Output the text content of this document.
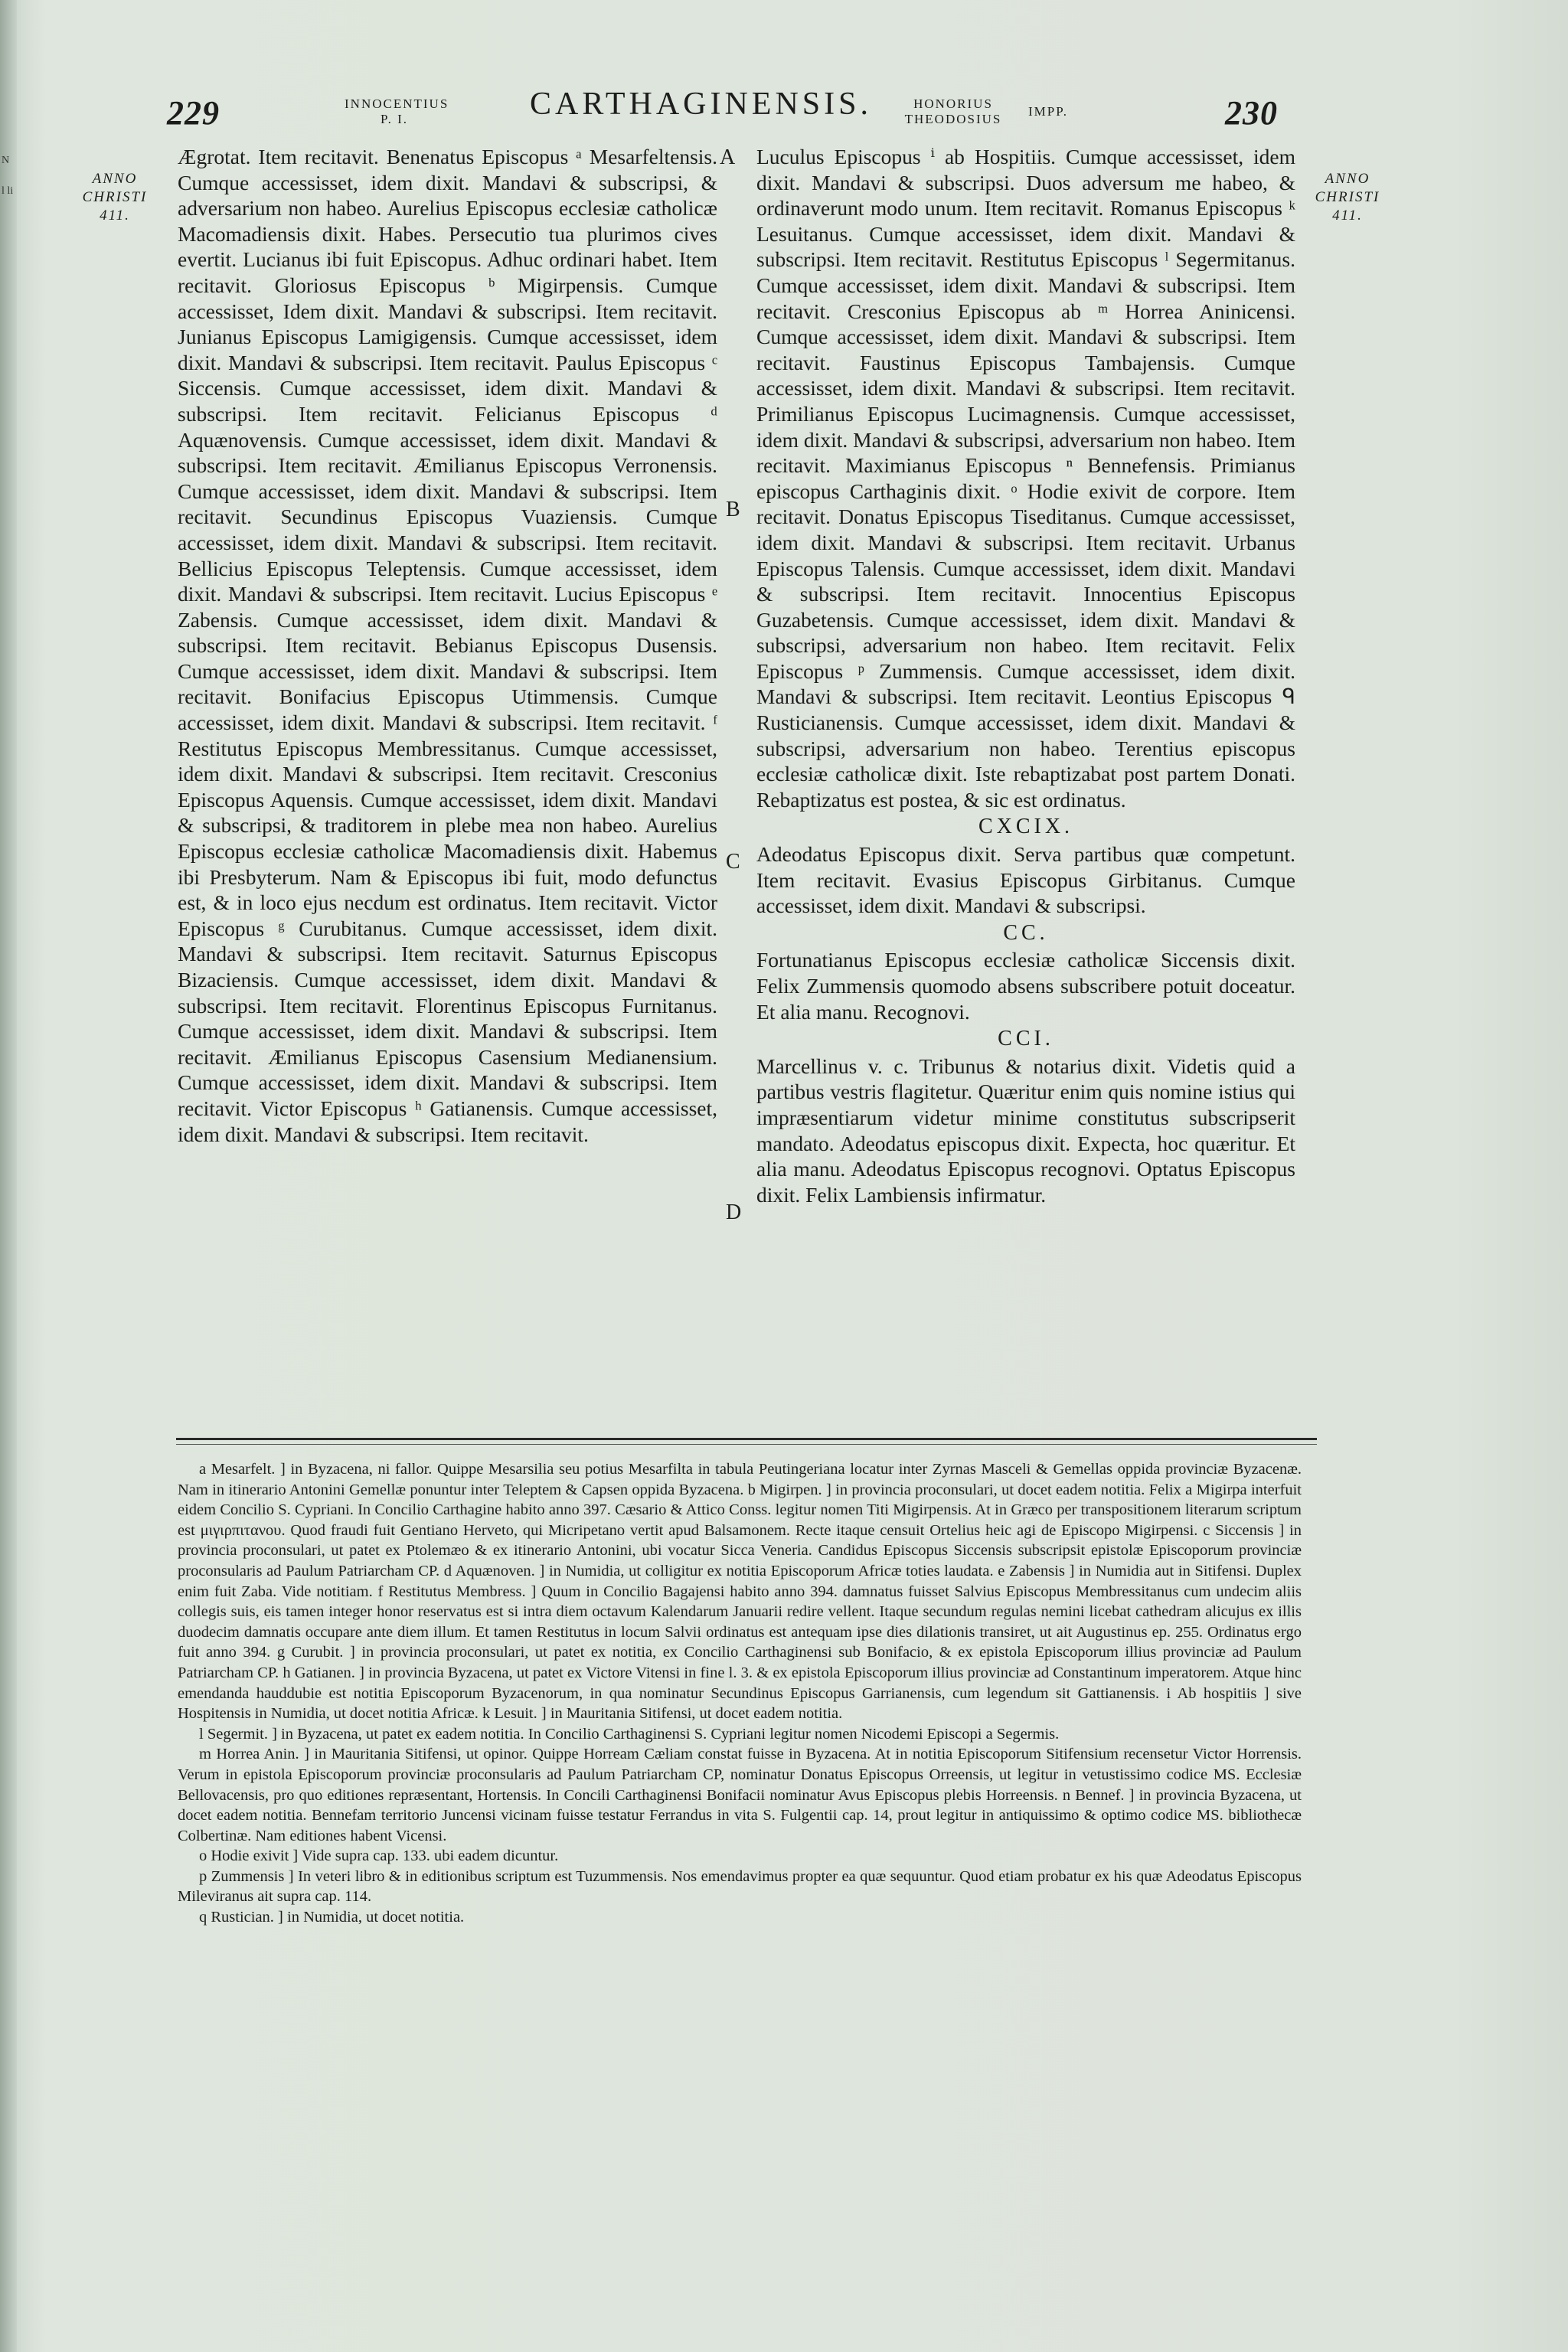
N l li
229	INNOCENTIUS
P. I.	CARTHAGINENSIS.	HONORIUS
THEODOSIUS
IMPP.	230
ANNO CHRISTI 411.
ANNO CHRISTI 411.

Ægrotat. Item recitavit. Benenatus Episcopus ᵃ Mesarfeltensis. Cumque accessisset, idem dixit. Mandavi & subscripsi, & adversarium non habeo. Aurelius Episcopus ecclesiæ catholicæ Macomadiensis dixit. Habes. Persecutio tua plurimos cives evertit. Lucianus ibi fuit Episcopus. Adhuc ordinari habet. Item recitavit. Gloriosus Episcopus ᵇ Migirpensis. Cumque accessisset, Idem dixit. Mandavi & subscripsi. Item recitavit. Junianus Episcopus Lamigigensis. Cumque accessisset, idem dixit. Mandavi & subscripsi. Item recitavit. Paulus Episcopus ᶜ Siccensis. Cumque accessisset, idem dixit. Mandavi & subscripsi. Item recitavit. Felicianus Episcopus ᵈ Aquænovensis. Cumque accessisset, idem dixit. Mandavi & subscripsi. Item recitavit. Æmilianus Episcopus Verronensis. Cumque accessisset, idem dixit. Mandavi & subscripsi. Item recitavit. Secundinus Episcopus Vuaziensis. Cumque accessisset, idem dixit. Mandavi & subscripsi. Item recitavit. Bellicius Episcopus Teleptensis. Cumque accessisset, idem dixit. Mandavi & subscripsi. Item recitavit. Lucius Episcopus ᵉ Zabensis. Cumque accessisset, idem dixit. Mandavi & subscripsi. Item recitavit. Bebianus Episcopus Dusensis. Cumque accessisset, idem dixit. Mandavi & subscripsi. Item recitavit. Bonifacius Episcopus Utimmensis. Cumque accessisset, idem dixit. Mandavi & subscripsi. Item recitavit. ᶠ Restitutus Episcopus Membressitanus. Cumque accessisset, idem dixit. Mandavi & subscripsi. Item recitavit. Cresconius Episcopus Aquensis. Cumque accessisset, idem dixit. Mandavi & subscripsi, & traditorem in plebe mea non habeo. Aurelius Episcopus ecclesiæ catholicæ Macomadiensis dixit. Habemus ibi Presbyterum. Nam & Episcopus ibi fuit, modo defunctus est, & in loco ejus necdum est ordinatus. Item recitavit. Victor Episcopus ᵍ Curubitanus. Cumque accessisset, idem dixit. Mandavi & subscripsi. Item recitavit. Saturnus Episcopus Bizaciensis. Cumque accessisset, idem dixit. Mandavi & subscripsi. Item recitavit. Florentinus Episcopus Furnitanus. Cumque accessisset, idem dixit. Mandavi & subscripsi. Item recitavit. Æmilianus Episcopus Casensium Medianensium. Cumque accessisset, idem dixit. Mandavi & subscripsi. Item recitavit. Victor Episcopus ʰ Gatianensis. Cumque accessisset, idem dixit. Mandavi & subscripsi. Item recitavit.

A
B
C
D

Luculus Episcopus ⁱ ab Hospitiis. Cumque accessisset, idem dixit. Mandavi & subscripsi. Duos adversum me habeo, & ordinaverunt modo unum. Item recitavit. Romanus Episcopus ᵏ Lesuitanus. Cumque accessisset, idem dixit. Mandavi & subscripsi. Item recitavit. Restitutus Episcopus ˡ Segermitanus. Cumque accessisset, idem dixit. Mandavi & subscripsi. Item recitavit. Cresconius Episcopus ab ᵐ Horrea Aninicensi. Cumque accessisset, idem dixit. Mandavi & subscripsi. Item recitavit. Faustinus Episcopus Tambajensis. Cumque accessisset, idem dixit. Mandavi & subscripsi. Item recitavit. Primilianus Episcopus Lucimagnensis. Cumque accessisset, idem dixit. Mandavi & subscripsi, adversarium non habeo. Item recitavit. Maximianus Episcopus ⁿ Bennefensis. Primianus episcopus Carthaginis dixit. ᵒ Hodie exivit de corpore. Item recitavit. Donatus Episcopus Tiseditanus. Cumque accessisset, idem dixit. Mandavi & subscripsi. Item recitavit. Urbanus Episcopus Talensis. Cumque accessisset, idem dixit. Mandavi & subscripsi. Item recitavit. Innocentius Episcopus Guzabetensis. Cumque accessisset, idem dixit. Mandavi & subscripsi, adversarium non habeo. Item recitavit. Felix Episcopus ᵖ Zummensis. Cumque accessisset, idem dixit. Mandavi & subscripsi. Item recitavit. Leontius Episcopus ᑫ Rusticianensis. Cumque accessisset, idem dixit. Mandavi & subscripsi, adversarium non habeo. Terentius episcopus ecclesiæ catholicæ dixit. Iste rebaptizabat post partem Donati. Rebaptizatus est postea, & sic est ordinatus.

CXCIX.

Adeodatus Episcopus dixit. Serva partibus quæ competunt. Item recitavit. Evasius Episcopus Girbitanus. Cumque accessisset, idem dixit. Mandavi & subscripsi.

CC.

Fortunatianus Episcopus ecclesiæ catholicæ Siccensis dixit. Felix Zummensis quomodo absens subscribere potuit doceatur. Et alia manu. Recognovi.

CCI.

Marcellinus v. c. Tribunus & notarius dixit. Videtis quid a partibus vestris flagitetur. Quæritur enim quis nomine istius qui impræsentiarum videtur minime constitutus subscripserit mandato. Adeodatus episcopus dixit. Expecta, hoc quæritur. Et alia manu. Adeodatus Episcopus recognovi. Optatus Episcopus dixit. Felix Lambiensis infirmatur.

a Mesarfelt. ] in Byzacena, ni fallor. Quippe Mesarsilia seu potius Mesarfilta in tabula Peutingeriana locatur inter Zyrnas Masceli & Gemellas oppida provinciæ Byzacenæ. Nam in itinerario Antonini Gemellæ ponuntur inter Teleptem & Capsen oppida Byzacena. b Migirpen. ] in provincia proconsulari, ut docet eadem notitia. Felix a Migirpa interfuit eidem Concilio S. Cypriani. In Concilio Carthagine habito anno 397. Cæsario & Attico Conss. legitur nomen Titi Migirpensis. At in Græco per transpositionem literarum scriptum est μιγιρπιτανου. Quod fraudi fuit Gentiano Herveto, qui Micripetano vertit apud Balsamonem. Recte itaque censuit Ortelius heic agi de Episcopo Migirpensi. c Siccensis ] in provincia proconsulari, ut patet ex Ptolemæo & ex itinerario Antonini, ubi vocatur Sicca Veneria. Candidus Episcopus Siccensis subscripsit epistolæ Episcoporum provinciæ proconsularis ad Paulum Patriarcham CP. d Aquænoven. ] in Numidia, ut colligitur ex notitia Episcoporum Africæ toties laudata. e Zabensis ] in Numidia aut in Sitifensi. Duplex enim fuit Zaba. Vide notitiam. f Restitutus Membress. ] Quum in Concilio Bagajensi habito anno 394. damnatus fuisset Salvius Episcopus Membressitanus cum undecim aliis collegis suis, eis tamen integer honor reservatus est si intra diem octavum Kalendarum Januarii redire vellent. Itaque secundum regulas nemini licebat cathedram alicujus ex illis duodecim damnatis occupare ante diem illum. Et tamen Restitutus in locum Salvii ordinatus est antequam ipse dies dilationis transiret, ut ait Augustinus ep. 255. Ordinatus ergo fuit anno 394. g Curubit. ] in provincia proconsulari, ut patet ex notitia, ex Concilio Carthaginensi sub Bonifacio, & ex epistola Episcoporum illius provinciæ ad Paulum Patriarcham CP. h Gatianen. ] in provincia Byzacena, ut patet ex Victore Vitensi in fine l. 3. & ex epistola Episcoporum illius provinciæ ad Constantinum imperatorem. Atque hinc emendanda hauddubie est notitia Episcoporum Byzacenorum, in qua nominatur Secundinus Episcopus Garrianensis, cum legendum sit Gattianensis. i Ab hospitiis ] sive Hospitensis in Numidia, ut docet notitia Africæ. k Lesuit. ] in Mauritania Sitifensi, ut docet eadem notitia.

l Segermit. ] in Byzacena, ut patet ex eadem notitia. In Concilio Carthaginensi S. Cypriani legitur nomen Nicodemi Episcopi a Segermis.

m Horrea Anin. ] in Mauritania Sitifensi, ut opinor. Quippe Horream Cæliam constat fuisse in Byzacena. At in notitia Episcoporum Sitifensium recensetur Victor Horrensis. Verum in epistola Episcoporum provinciæ proconsularis ad Paulum Patriarcham CP, nominatur Donatus Episcopus Orreensis, ut legitur in vetustissimo codice MS. Ecclesiæ Bellovacensis, pro quo editiones repræsentant, Hortensis. In Concili Carthaginensi Bonifacii nominatur Avus Episcopus plebis Horreensis. n Bennef. ] in provincia Byzacena, ut docet eadem notitia. Bennefam territorio Juncensi vicinam fuisse testatur Ferrandus in vita S. Fulgentii cap. 14, prout legitur in antiquissimo & optimo codice MS. bibliothecæ Colbertinæ. Nam editiones habent Vicensi.

o Hodie exivit ] Vide supra cap. 133. ubi eadem dicuntur.

p Zummensis ] In veteri libro & in editionibus scriptum est Tuzummensis. Nos emendavimus propter ea quæ sequuntur. Quod etiam probatur ex his quæ Adeodatus Episcopus Mileviranus ait supra cap. 114.

q Rustician. ] in Numidia, ut docet notitia.
